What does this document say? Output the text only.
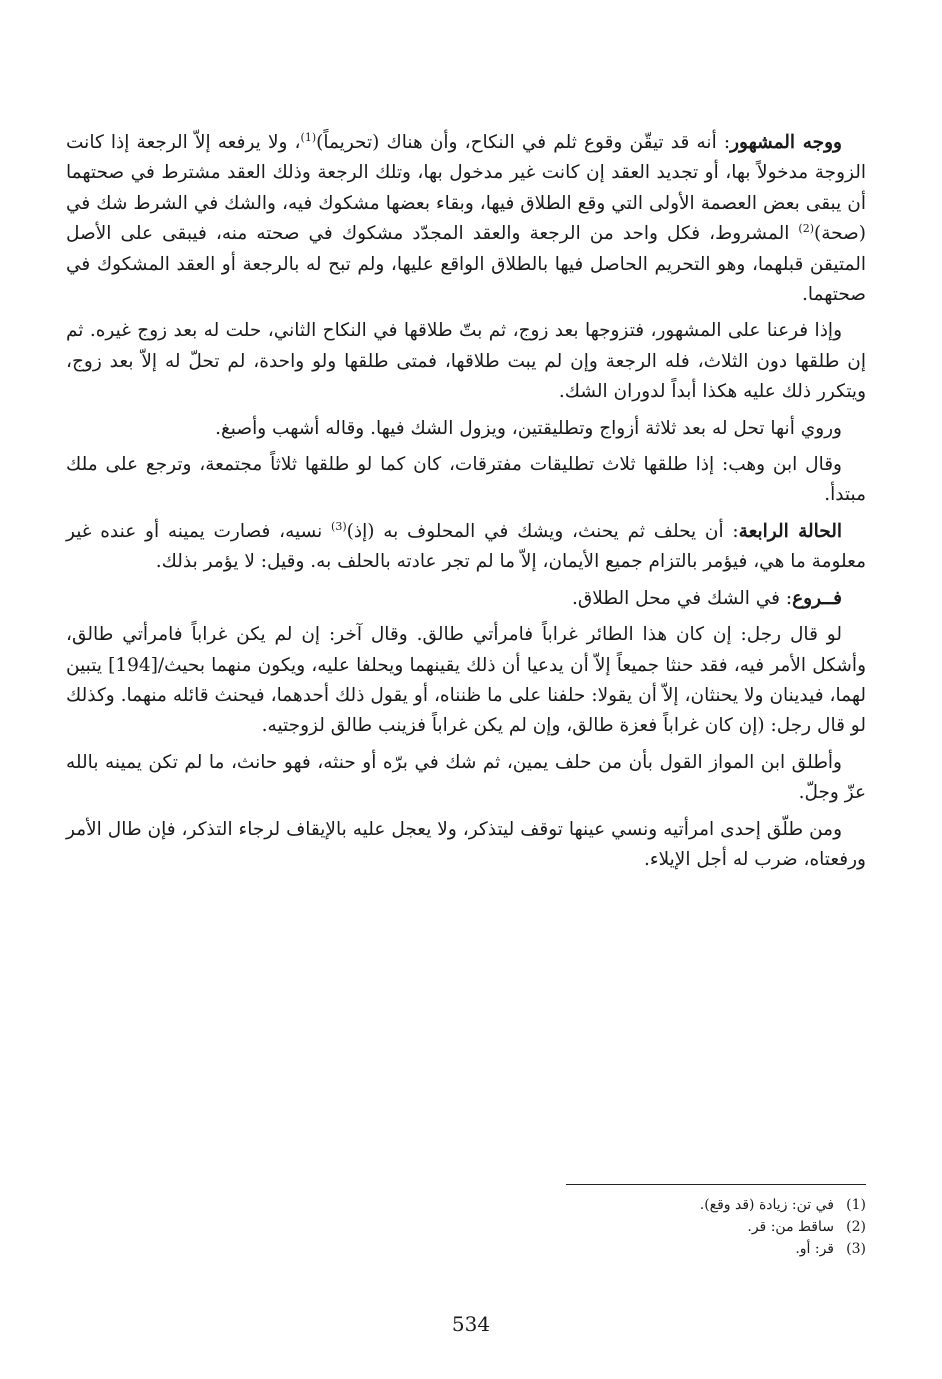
ووجه المشهور: أنه قد تيقّن وقوع ثلم في النكاح، وأن هناك (تحريماً)$^{(1)}$، ولا يرفعه إلاّ الرجعة إذا كانت الزوجة مدخولاً بها، أو تجديد العقد إن كانت غير مدخول بها، وتلك الرجعة وذلك العقد مشترط في صحتهما أن يبقى بعض العصمة الأولى التي وقع الطلاق فيها، وبقاء بعضها مشكوك فيه، والشك في الشرط شك في (صحة)$^{(2)}$ المشروط، فكل واحد من الرجعة والعقد المجدّد مشكوك في صحته منه، فيبقى على الأصل المتيقن قبلهما، وهو التحريم الحاصل فيها بالطلاق الواقع عليها، ولم تبح له بالرجعة أو العقد المشكوك في صحتهما.

وإذا فرعنا على المشهور، فتزوجها بعد زوج، ثم بتّ طلاقها في النكاح الثاني، حلت له بعد زوج غيره. ثم إن طلقها دون الثلاث، فله الرجعة وإن لم يبت طلاقها، فمتى طلقها ولو واحدة، لم تحلّ له إلاّ بعد زوج، ويتكرر ذلك عليه هكذا أبداً لدوران الشك.

وروي أنها تحل له بعد ثلاثة أزواج وتطليقتين، ويزول الشك فيها. وقاله أشهب وأصبغ.

وقال ابن وهب: إذا طلقها ثلاث تطليقات مفترقات، كان كما لو طلقها ثلاثاً مجتمعة، وترجع على ملك مبتدأ.

الحالة الرابعة: أن يحلف ثم يحنث، ويشك في المحلوف به (إذ)$^{(3)}$ نسيه، فصارت يمينه أو عنده غير معلومة ما هي، فيؤمر بالتزام جميع الأيمان، إلاّ ما لم تجر عادته بالحلف به. وقيل: لا يؤمر بذلك.

فــروع: في الشك في محل الطلاق.

لو قال رجل: إن كان هذا الطائر غراباً فامرأتي طالق. وقال آخر: إن لم يكن غراباً فامرأتي طالق، وأشكل الأمر فيه، فقد حنثا جميعاً إلاّ أن يدعيا أن ذلك يقينهما ويحلفا عليه، ويكون منهما بحيث/[194] يتبين لهما، فيدينان ولا يحنثان، إلاّ أن يقولا: حلفنا على ما ظنناه، أو يقول ذلك أحدهما، فيحنث قائله منهما. وكذلك لو قال رجل: (إن كان غراباً فعزة طالق، وإن لم يكن غراباً فزينب طالق لزوجتيه.

وأطلق ابن المواز القول بأن من حلف يمين، ثم شك في برّه أو حنثه، فهو حانث، ما لم تكن يمينه بالله عزّ وجلّ.

ومن طلّق إحدى امرأتيه ونسي عينها توقف ليتذكر، ولا يعجل عليه بالإيقاف لرجاء التذكر، فإن طال الأمر ورفعتاه، ضرب له أجل الإيلاء.

(1)في تن: زيادة (قد وقع).
(2)ساقط من: قر.
(3)قر: أو.
534
